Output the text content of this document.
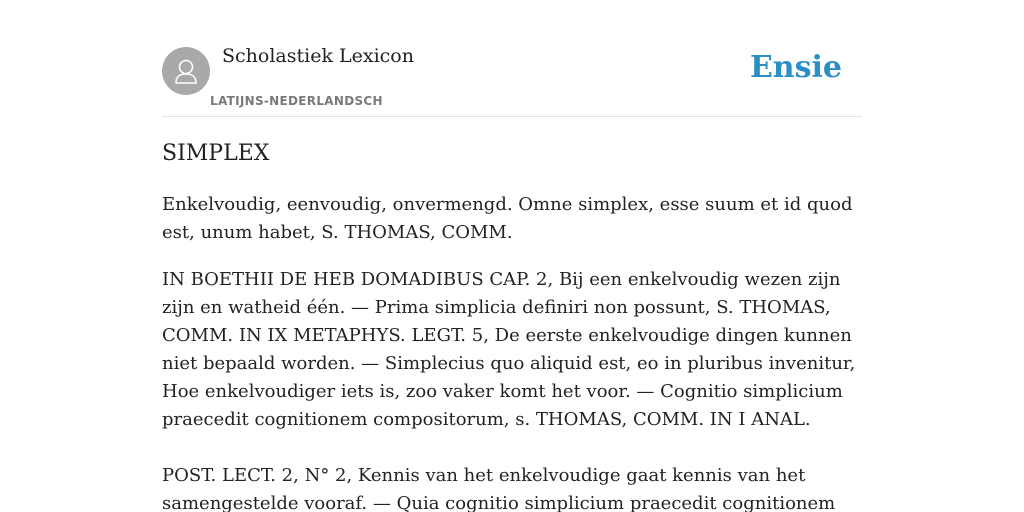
Scholastiek Lexicon
LATIJNS-NEDERLANDSCH
Ensie
SIMPLEX

Enkelvoudig, eenvoudig, onvermengd. Omne simplex, esse suum et id quod est, unum habet, S. THOMAS, COMM.

IN BOETHII DE HEB DOMADIBUS CAP. 2, Bij een enkelvoudig wezen zijn zijn en watheid één. — Prima simplicia definiri non possunt, S. THOMAS, COMM. IN IX METAPHYS. LEGT. 5, De eerste enkelvoudige dingen kunnen niet bepaald worden. — Simplecius quo aliquid est, eo in pluribus invenitur, Hoe enkelvoudiger iets is, zoo vaker komt het voor. — Cognitio simplicium praecedit cognitionem compositorum, s. THOMAS, COMM. IN I ANAL.

POST. LECT. 2, N° 2, Kennis van het enkelvoudige gaat kennis van het samengestelde vooraf. — Quia cognitio simplicium praecedit cognitionem
